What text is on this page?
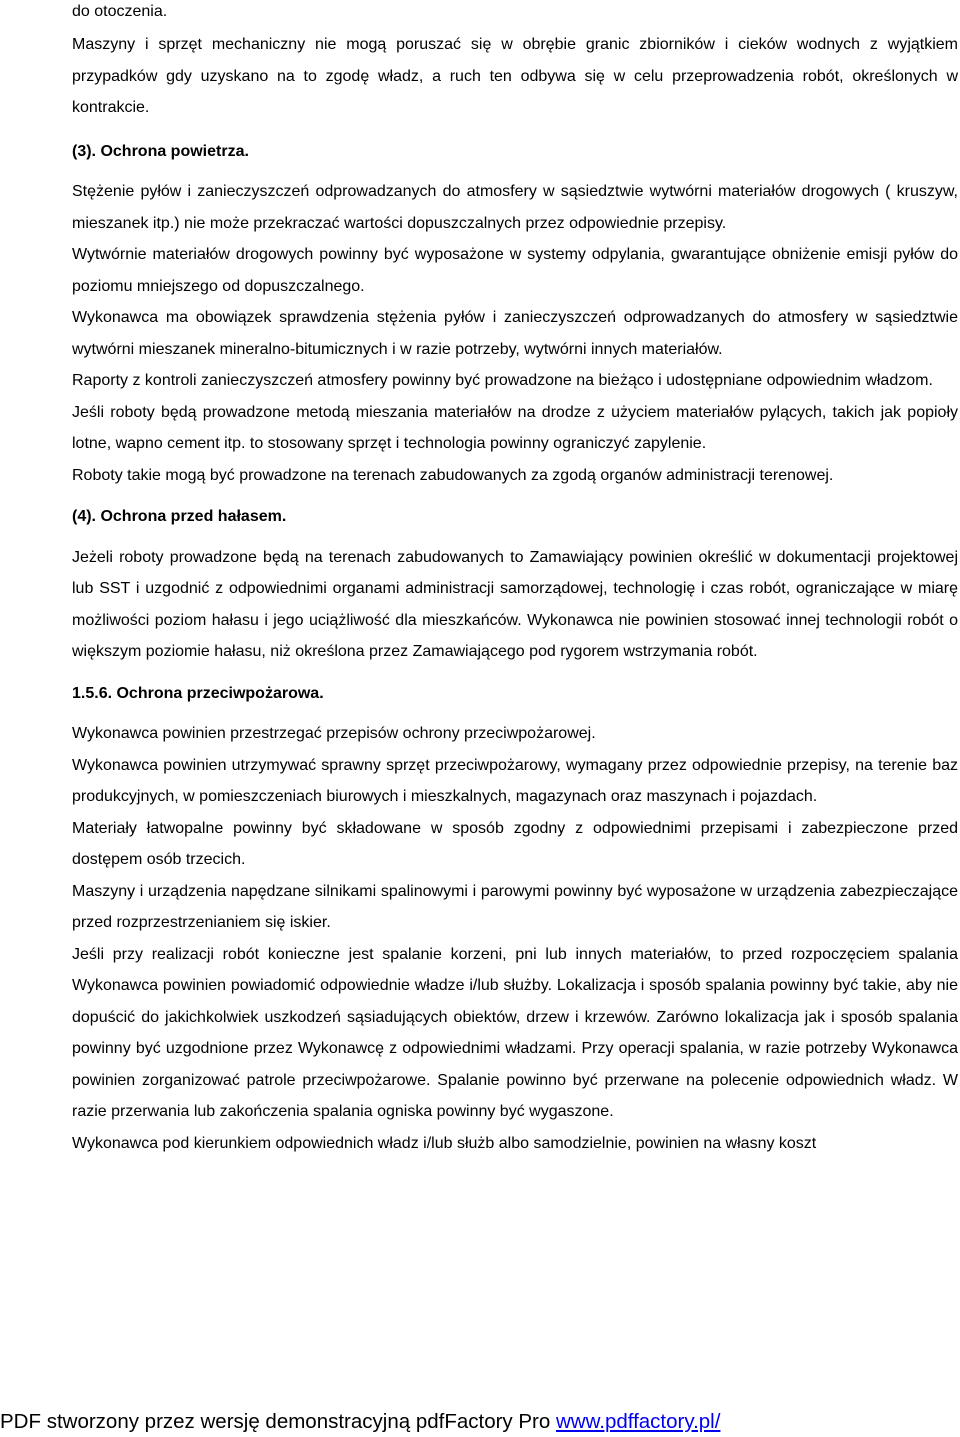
do otoczenia.

Maszyny i sprzęt mechaniczny nie mogą poruszać się w obrębie granic zbiorników i cieków wodnych z wyjątkiem przypadków gdy uzyskano na to zgodę władz, a ruch ten odbywa się w celu przeprowadzenia robót, określonych w kontrakcie.

(3). Ochrona powietrza.

Stężenie pyłów i zanieczyszczeń odprowadzanych do atmosfery w sąsiedztwie wytwórni materiałów drogowych ( kruszyw, mieszanek itp.) nie może przekraczać wartości dopuszczalnych przez odpowiednie przepisy.

Wytwórnie materiałów drogowych powinny być wyposażone w systemy odpylania, gwarantujące obniżenie emisji pyłów do poziomu mniejszego od dopuszczalnego.

Wykonawca ma obowiązek sprawdzenia stężenia pyłów i zanieczyszczeń odprowadzanych do atmosfery w sąsiedztwie wytwórni mieszanek mineralno-bitumicznych i w razie potrzeby, wytwórni innych materiałów.

Raporty z kontroli zanieczyszczeń atmosfery powinny być prowadzone na bieżąco i udostępniane odpowiednim władzom.

Jeśli roboty będą prowadzone metodą mieszania materiałów na drodze z użyciem materiałów pylących, takich jak popioły lotne, wapno cement itp. to stosowany sprzęt i technologia powinny ograniczyć zapylenie.

Roboty takie mogą być prowadzone na terenach zabudowanych za zgodą organów administracji terenowej.

(4). Ochrona przed hałasem.

Jeżeli roboty prowadzone będą na terenach zabudowanych to Zamawiający powinien określić w dokumentacji projektowej lub SST i uzgodnić z odpowiednimi organami administracji samorządowej, technologię i czas robót, ograniczające w miarę możliwości poziom hałasu i jego uciążliwość dla mieszkańców. Wykonawca nie powinien stosować innej technologii robót o większym poziomie hałasu, niż określona przez Zamawiającego pod rygorem wstrzymania robót.

1.5.6. Ochrona przeciwpożarowa.

Wykonawca powinien przestrzegać przepisów ochrony przeciwpożarowej.

Wykonawca powinien utrzymywać sprawny sprzęt przeciwpożarowy, wymagany przez odpowiednie przepisy, na terenie baz produkcyjnych, w pomieszczeniach biurowych i mieszkalnych, magazynach oraz maszynach i pojazdach.

Materiały łatwopalne powinny być składowane w sposób zgodny z odpowiednimi przepisami i zabezpieczone przed dostępem osób trzecich.

Maszyny i urządzenia napędzane silnikami spalinowymi i parowymi powinny być wyposażone w urządzenia zabezpieczające przed rozprzestrzenianiem się iskier.

Jeśli przy realizacji robót konieczne jest spalanie korzeni, pni lub innych materiałów, to przed rozpoczęciem spalania Wykonawca powinien powiadomić odpowiednie władze i/lub służby. Lokalizacja i sposób spalania powinny być takie, aby nie dopuścić do jakichkolwiek uszkodzeń sąsiadujących obiektów, drzew i krzewów. Zarówno lokalizacja jak i sposób spalania powinny być uzgodnione przez Wykonawcę z odpowiednimi władzami. Przy operacji spalania, w razie potrzeby Wykonawca powinien zorganizować patrole przeciwpożarowe. Spalanie powinno być przerwane na polecenie odpowiednich władz. W razie przerwania lub zakończenia spalania ogniska powinny być wygaszone.

Wykonawca pod kierunkiem odpowiednich władz i/lub służb albo samodzielnie, powinien na własny koszt

PDF stworzony przez wersję demonstracyjną pdfFactory Pro www.pdffactory.pl/
